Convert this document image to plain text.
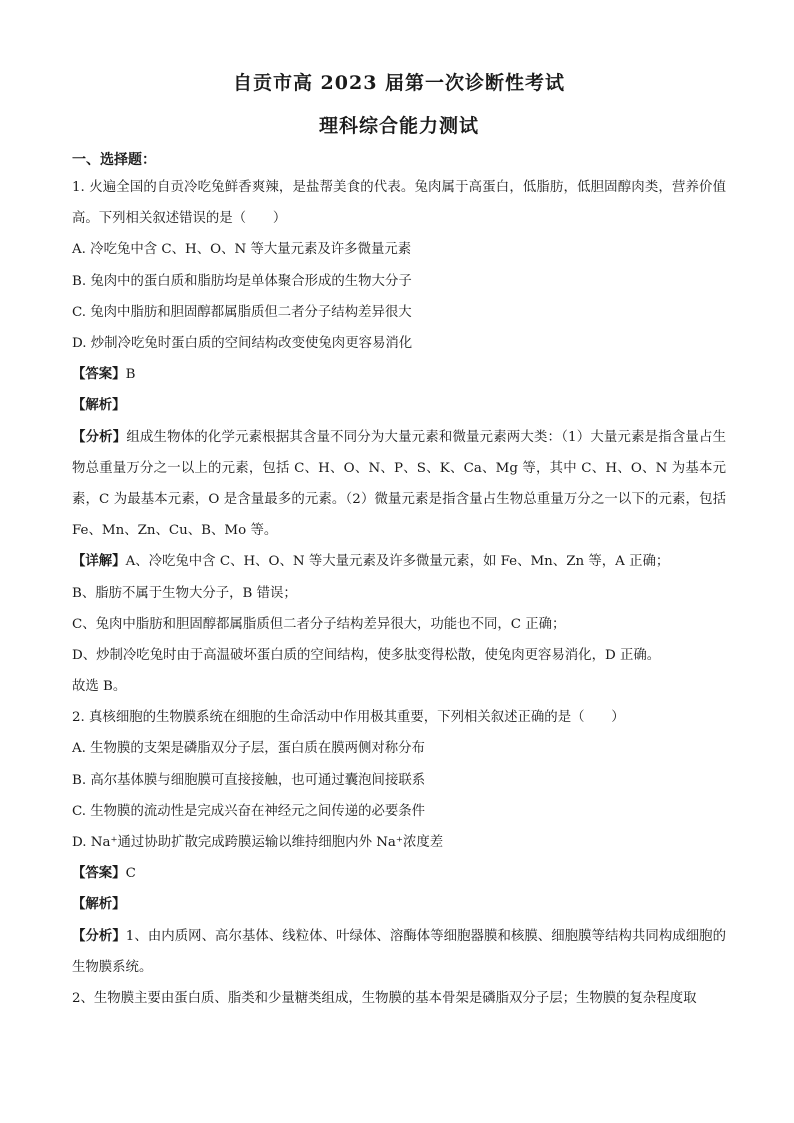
自贡市高 2023 届第一次诊断性考试
理科综合能力测试
一、选择题：
1. 火遍全国的自贡冷吃兔鲜香爽辣，是盐帮美食的代表。兔肉属于高蛋白，低脂肪，低胆固醇肉类，营养价值高。下列相关叙述错误的是（　　）
A. 冷吃兔中含 C、H、O、N 等大量元素及许多微量元素
B. 兔肉中的蛋白质和脂肪均是单体聚合形成的生物大分子
C. 兔肉中脂肪和胆固醇都属脂质但二者分子结构差异很大
D. 炒制冷吃兔时蛋白质的空间结构改变使兔肉更容易消化
【答案】B
【解析】
【分析】组成生物体的化学元素根据其含量不同分为大量元素和微量元素两大类：（1）大量元素是指含量占生物总重量万分之一以上的元素，包括 C、H、O、N、P、S、K、Ca、Mg 等，其中 C、H、O、N 为基本元素，C 为最基本元素，O 是含量最多的元素。（2）微量元素是指含量占生物总重量万分之一以下的元素，包括 Fe、Mn、Zn、Cu、B、Mo 等。
【详解】A、冷吃兔中含 C、H、O、N 等大量元素及许多微量元素，如 Fe、Mn、Zn 等，A 正确；
B、脂肪不属于生物大分子，B 错误；
C、兔肉中脂肪和胆固醇都属脂质但二者分子结构差异很大，功能也不同，C 正确；
D、炒制冷吃兔时由于高温破坏蛋白质的空间结构，使多肽变得松散，使兔肉更容易消化，D 正确。
故选 B。
2. 真核细胞的生物膜系统在细胞的生命活动中作用极其重要，下列相关叙述正确的是（　　）
A. 生物膜的支架是磷脂双分子层，蛋白质在膜两侧对称分布
B. 高尔基体膜与细胞膜可直接接触，也可通过囊泡间接联系
C. 生物膜的流动性是完成兴奋在神经元之间传递的必要条件
D. Na⁺通过协助扩散完成跨膜运输以维持细胞内外 Na⁺浓度差
【答案】C
【解析】
【分析】1、由内质网、高尔基体、线粒体、叶绿体、溶酶体等细胞器膜和核膜、细胞膜等结构共同构成细胞的生物膜系统。
2、生物膜主要由蛋白质、脂类和少量糖类组成，生物膜的基本骨架是磷脂双分子层；生物膜的复杂程度取
